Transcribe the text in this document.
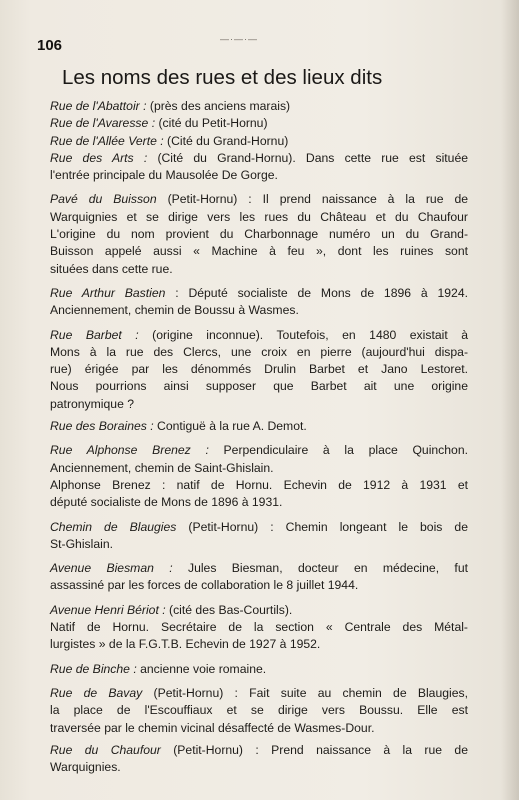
—·—·—
106
Les noms des rues et des lieux dits

Rue de l'Abattoir : (près des anciens marais)

Rue de l'Avaresse : (cité du Petit-Hornu)

Rue de l'Allée Verte : (Cité du Grand-Hornu)

Rue des Arts : (Cité du Grand-Hornu). Dans cette rue est située
l'entrée principale du Mausolée De Gorge.

Pavé du Buisson (Petit-Hornu) : Il prend naissance à la rue de
Warquignies et se dirige vers les rues du Château et du Chaufour
L'origine du nom provient du Charbonnage numéro un du Grand-
Buisson appelé aussi « Machine à feu », dont les ruines sont
situées dans cette rue.

Rue Arthur Bastien : Député socialiste de Mons de 1896 à 1924.
Anciennement, chemin de Boussu à Wasmes.

Rue Barbet : (origine inconnue). Toutefois, en 1480 existait à
Mons à la rue des Clercs, une croix en pierre (aujourd'hui dispa-
rue) érigée par les dénommés Drulin Barbet et Jano Lestoret.
Nous pourrions ainsi supposer que Barbet ait une origine
patronymique ?

Rue des Boraines : Contiguë à la rue A. Demot.

Rue Alphonse Brenez : Perpendiculaire à la place Quinchon.
Anciennement, chemin de Saint-Ghislain.

Alphonse Brenez : natif de Hornu. Echevin de 1912 à 1931 et
député socialiste de Mons de 1896 à 1931.

Chemin de Blaugies (Petit-Hornu) : Chemin longeant le bois de
St-Ghislain.

Avenue Biesman : Jules Biesman, docteur en médecine, fut
assassiné par les forces de collaboration le 8 juillet 1944.

Avenue Henri Bériot : (cité des Bas-Courtils).

Natif de Hornu. Secrétaire de la section « Centrale des Métal-
lurgistes » de la F.G.T.B. Echevin de 1927 à 1952.

Rue de Binche : ancienne voie romaine.

Rue de Bavay (Petit-Hornu) : Fait suite au chemin de Blaugies,
la place de l'Escouffiaux et se dirige vers Boussu. Elle est
traversée par le chemin vicinal désaffecté de Wasmes-Dour.

Rue du Chaufour (Petit-Hornu) : Prend naissance à la rue de
Warquignies.
